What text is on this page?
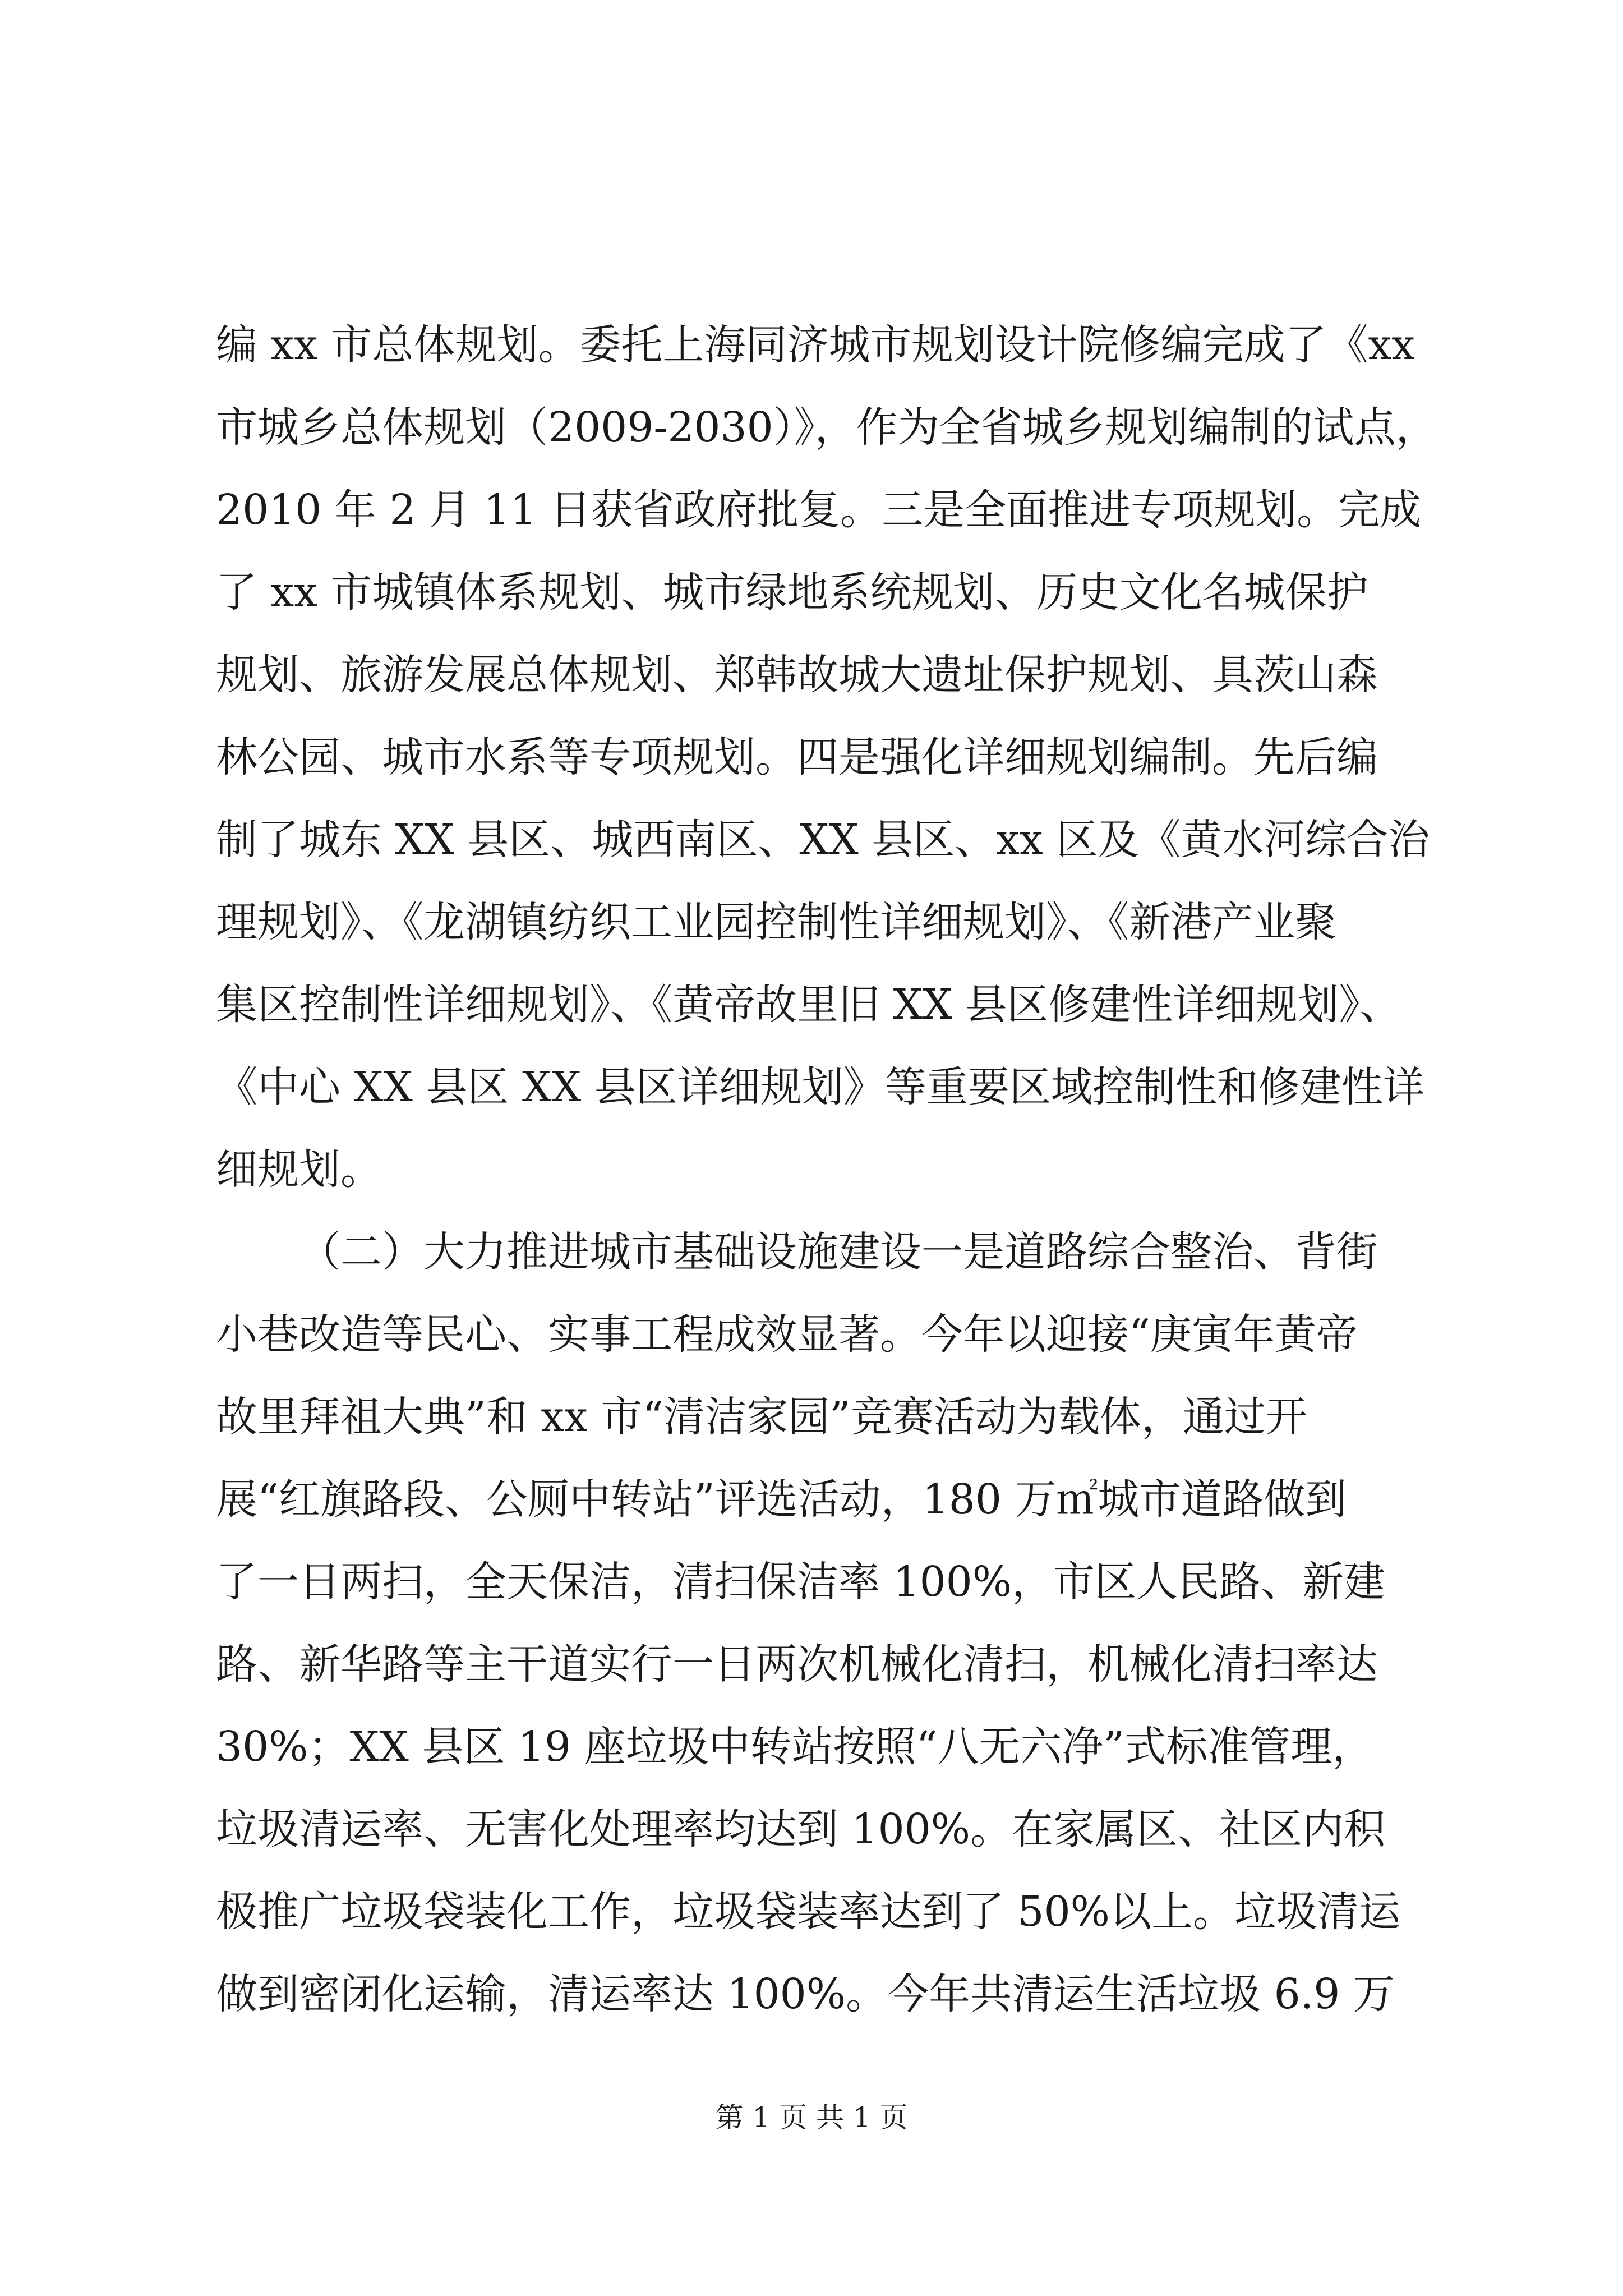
编 xx 市总体规划。委托上海同济城市规划设计院修编完成了《xx
市城乡总体规划（2009-2030）》，作为全省城乡规划编制的试点，
2010 年 2 月 11 日获省政府批复。三是全面推进专项规划。完成
了 xx 市城镇体系规划、城市绿地系统规划、历史文化名城保护
规划、旅游发展总体规划、郑韩故城大遗址保护规划、具茨山森
林公园、城市水系等专项规划。四是强化详细规划编制。先后编
制了城东 XX 县区、城西南区、XX 县区、xx 区及《黄水河综合治
理规划》、《龙湖镇纺织工业园控制性详细规划》、《新港产业聚
集区控制性详细规划》、《黄帝故里旧 XX 县区修建性详细规划》、
《中心 XX 县区 XX 县区详细规划》等重要区域控制性和修建性详
细规划。
（二）大力推进城市基础设施建设一是道路综合整治、背街
小巷改造等民心、实事工程成效显著。今年以迎接“庚寅年黄帝
故里拜祖大典”和 xx 市“清洁家园”竞赛活动为载体，通过开
展“红旗路段、公厕中转站”评选活动，180 万㎡城市道路做到
了一日两扫，全天保洁，清扫保洁率 100%，市区人民路、新建
路、新华路等主干道实行一日两次机械化清扫，机械化清扫率达
30%；XX 县区 19 座垃圾中转站按照“八无六净”式标准管理，
垃圾清运率、无害化处理率均达到 100%。在家属区、社区内积
极推广垃圾袋装化工作，垃圾袋装率达到了 50%以上。垃圾清运
做到密闭化运输，清运率达 100%。今年共清运生活垃圾 6.9 万
第 1 页 共 1 页
